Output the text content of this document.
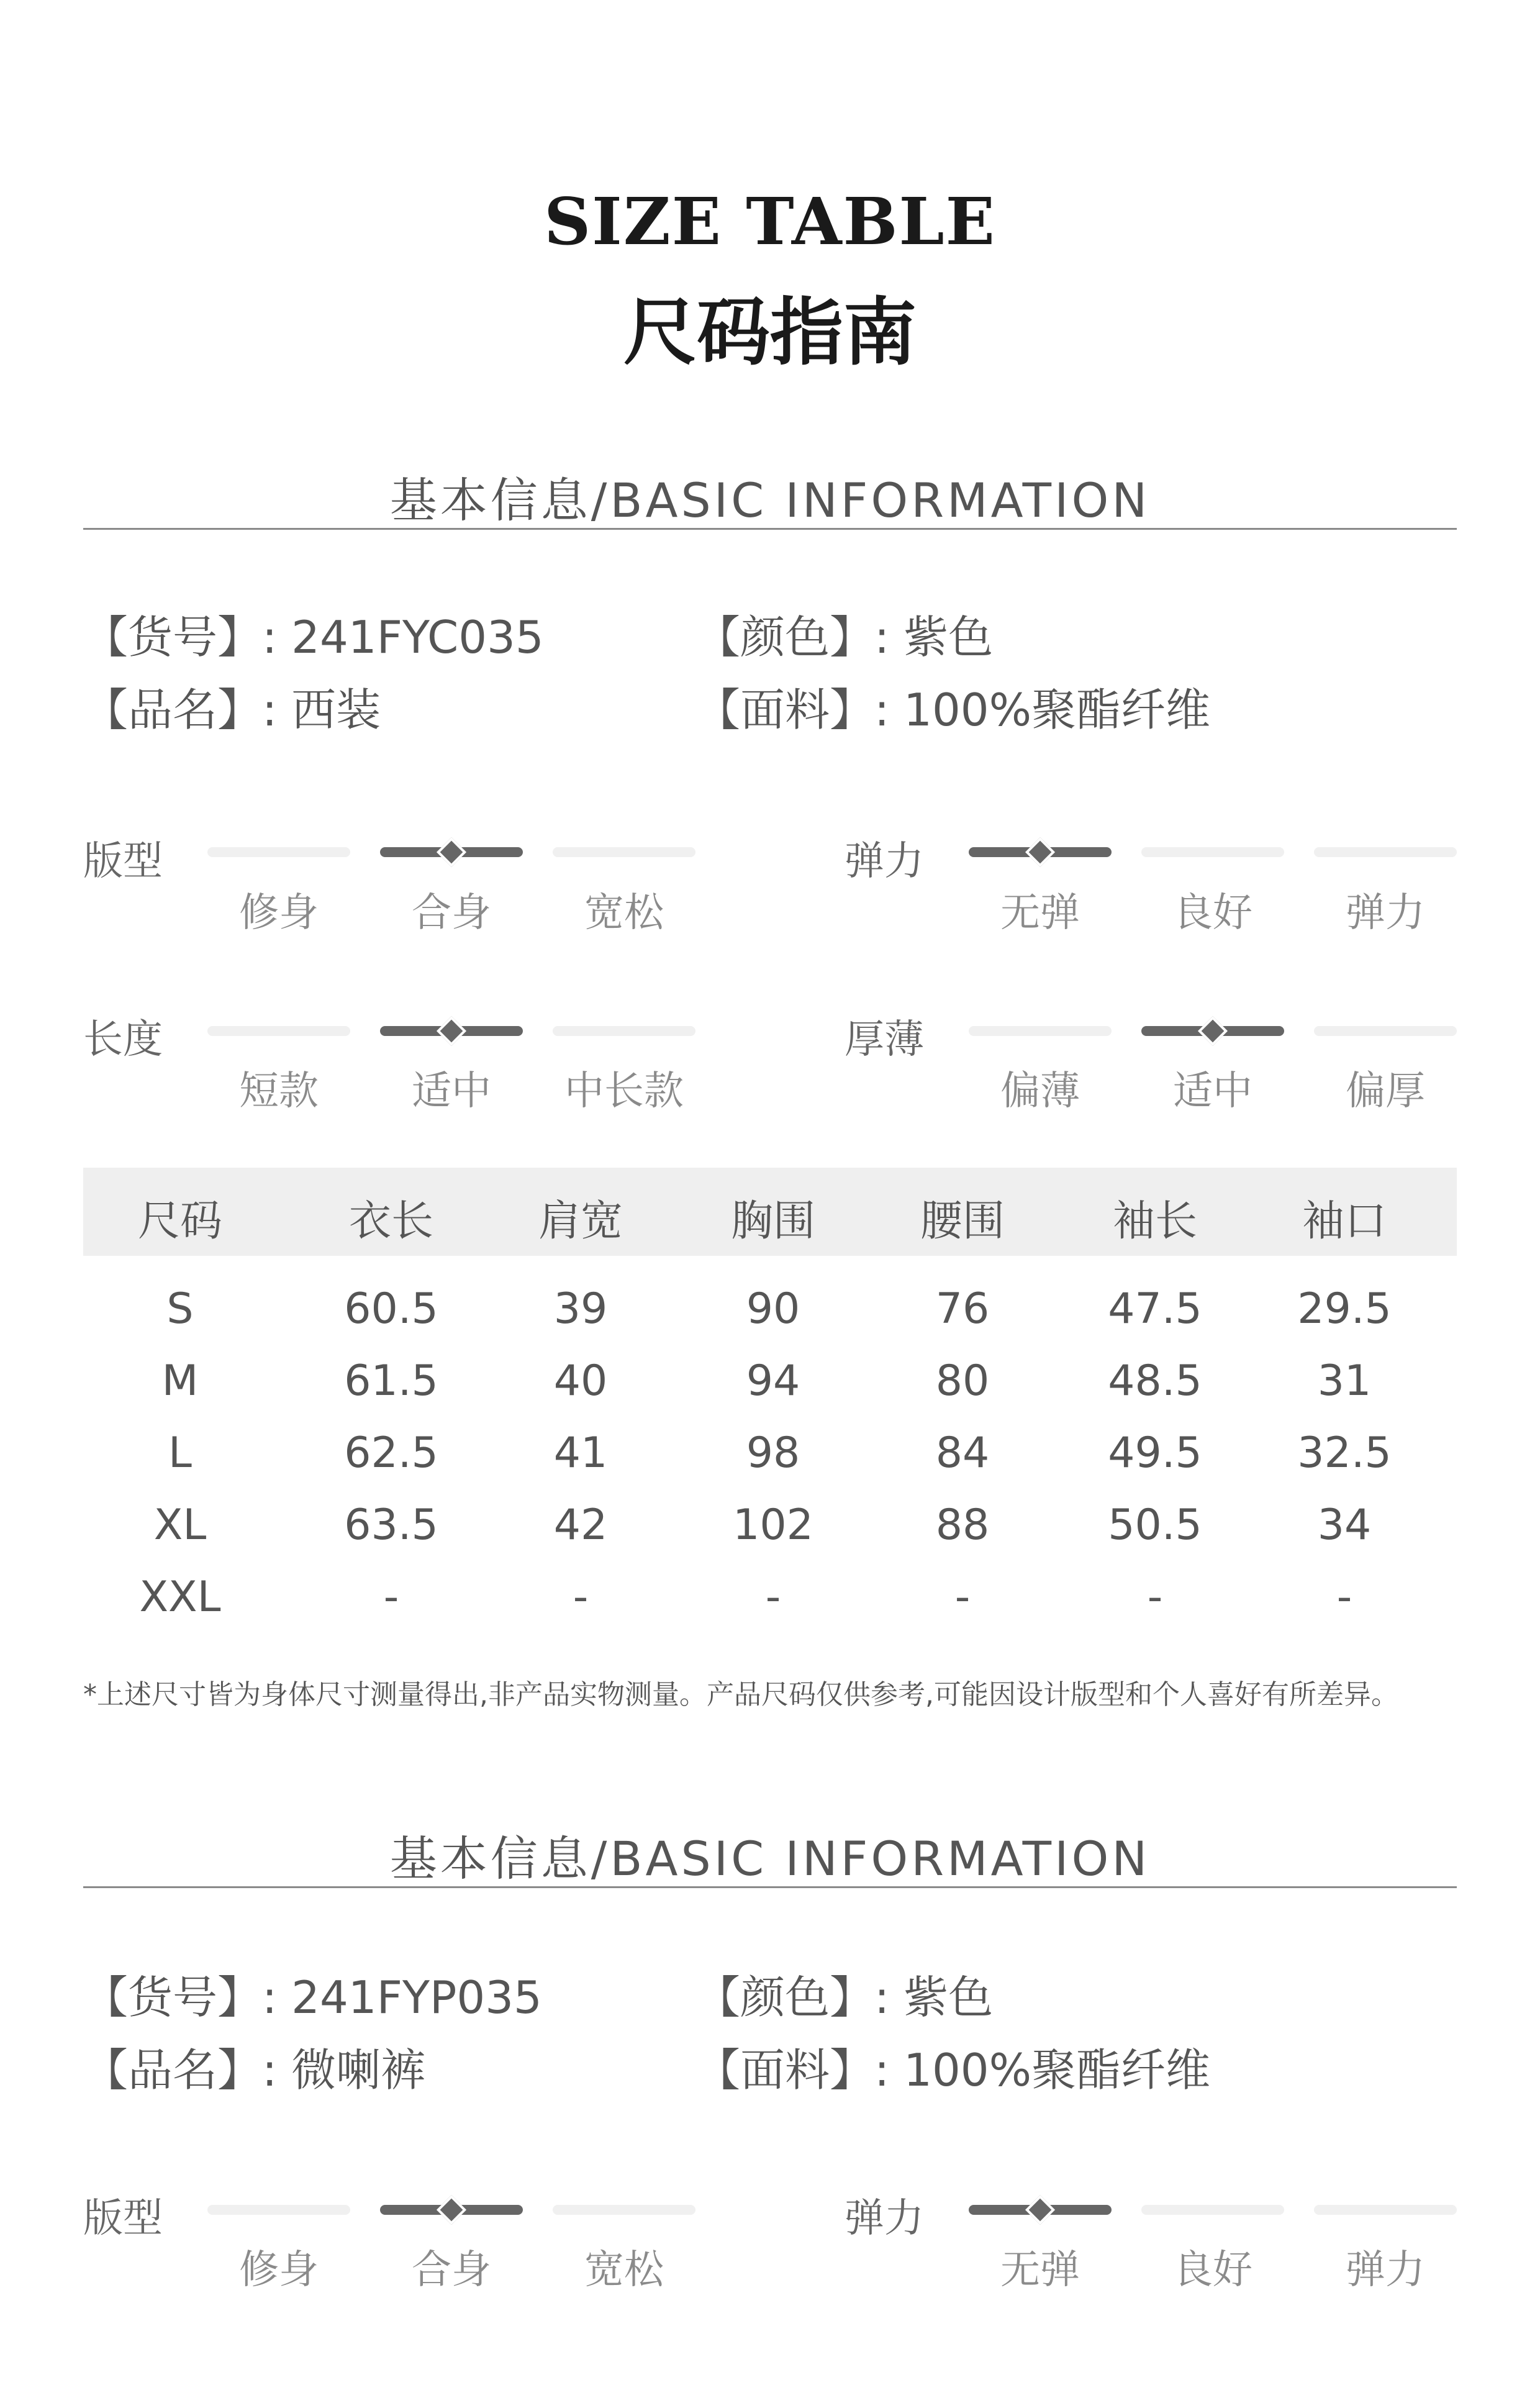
SIZE TABLE
尺码指南
基本信息/BASIC INFORMATION
【货号】: 241FYC035
【品名】: 西装
【颜色】: 紫色
【面料】: 100%聚酯纤维
版型
修身	合身	宽松
弹力
无弹	良好	弹力
长度
短款	适中	中长款
厚薄
偏薄	适中	偏厚
尺码	衣长	肩宽	胸围	腰围	袖长	袖口
S	60.5	39	90	76	47.5	29.5
M	61.5	40	94	80	48.5	31
L	62.5	41	98	84	49.5	32.5
XL	63.5	42	102	88	50.5	34
XXL	-	-	-	-	-	-
*上述尺寸皆为身体尺寸测量得出,非产品实物测量。产品尺码仅供参考,可能因设计版型和个人喜好有所差异。
基本信息/BASIC INFORMATION
【货号】: 241FYP035
【品名】: 微喇裤
【颜色】: 紫色
【面料】: 100%聚酯纤维
版型
修身	合身	宽松
弹力
无弹	良好	弹力
